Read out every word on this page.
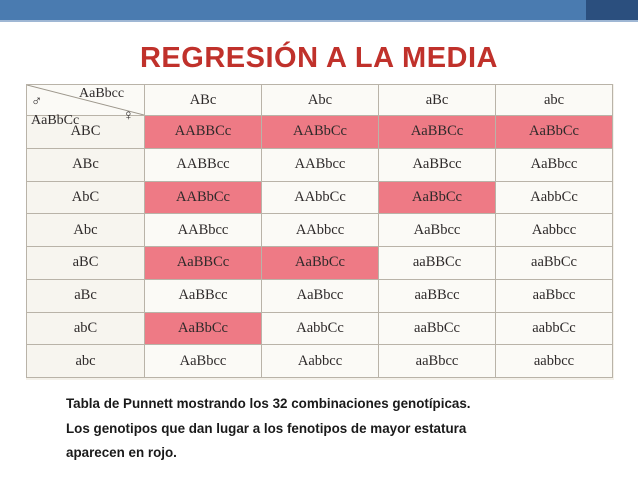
REGRESIÓN A LA MEDIA
AaBbcc
♂
AaBbCc ♀	ABc	Abc	aBc	abc
ABC	AABBCc	AABbCc	AaBBCc	AaBbCc
ABc	AABBcc	AABbcc	AaBBcc	AaBbcc
AbC	AABbCc	AAbbCc	AaBbCc	AabbCc
Abc	AABbcc	AAbbcc	AaBbcc	Aabbcc
aBC	AaBBCc	AaBbCc	aaBBCc	aaBbCc
aBc	AaBBcc	AaBbcc	aaBBcc	aaBbcc
abC	AaBbCc	AabbCc	aaBbCc	aabbCc
abc	AaBbcc	Aabbcc	aaBbcc	aabbcc
Tabla de Punnett mostrando los 32 combinaciones genotípicas.
Los genotipos que dan lugar a los fenotipos de mayor estatura
aparecen en rojo.
